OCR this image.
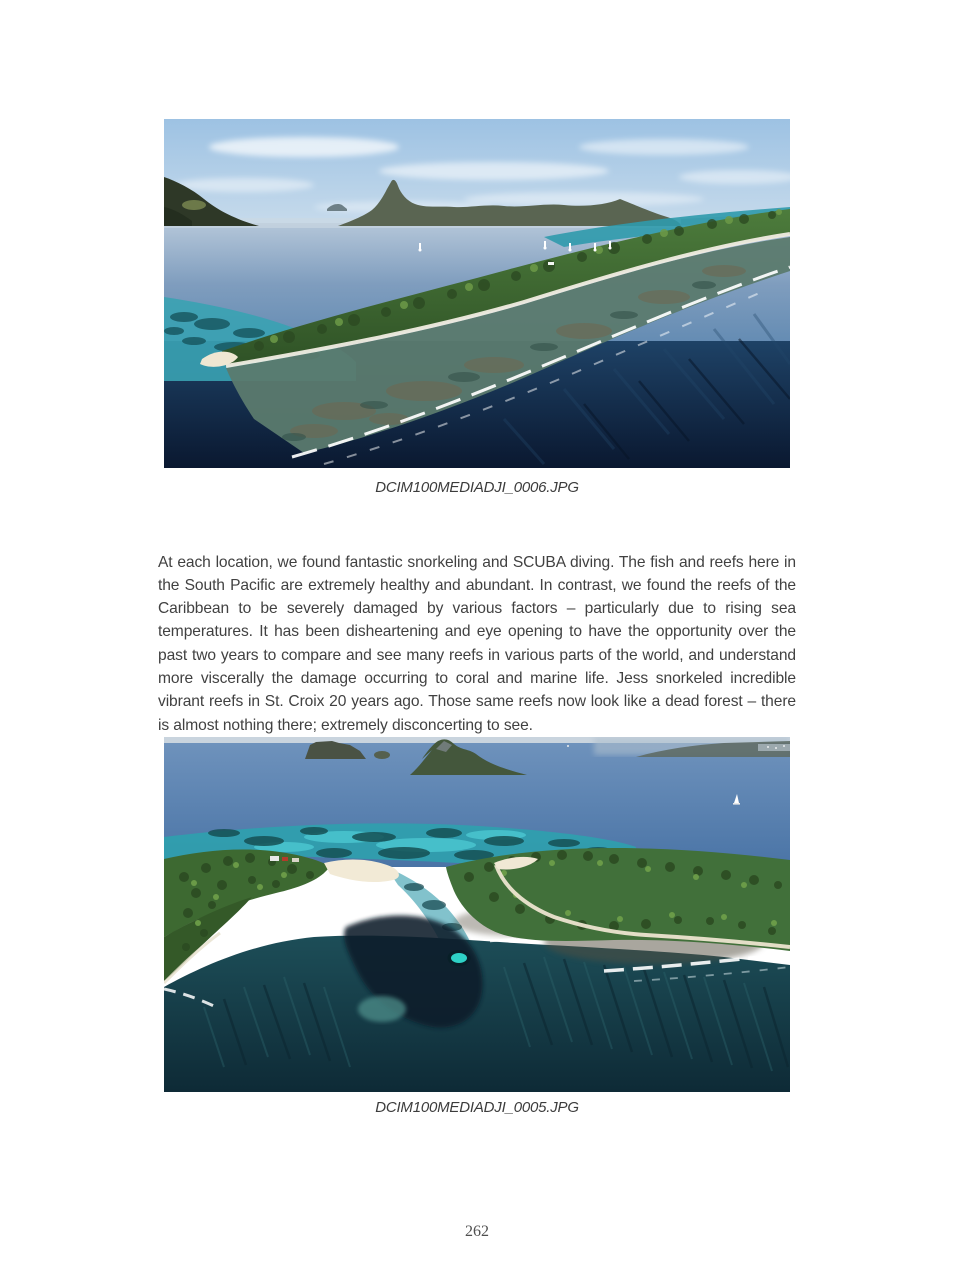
DCIM100MEDIADJI_0006.JPG

At each location, we found fantastic snorkeling and SCUBA diving. The fish and reefs here in the South Pacific are extremely healthy and abundant. In contrast, we found the reefs of the Caribbean to be severely damaged by various factors – particularly due to rising sea temperatures. It has been disheartening and eye opening to have the opportunity over the past two years to compare and see many reefs in various parts of the world, and understand more viscerally the damage occurring to coral and marine life. Jess snorkeled incredible vibrant reefs in St. Croix 20 years ago. Those same reefs now look like a dead forest – there is almost nothing there; extremely disconcerting to see.

DCIM100MEDIADJI_0005.JPG
262
